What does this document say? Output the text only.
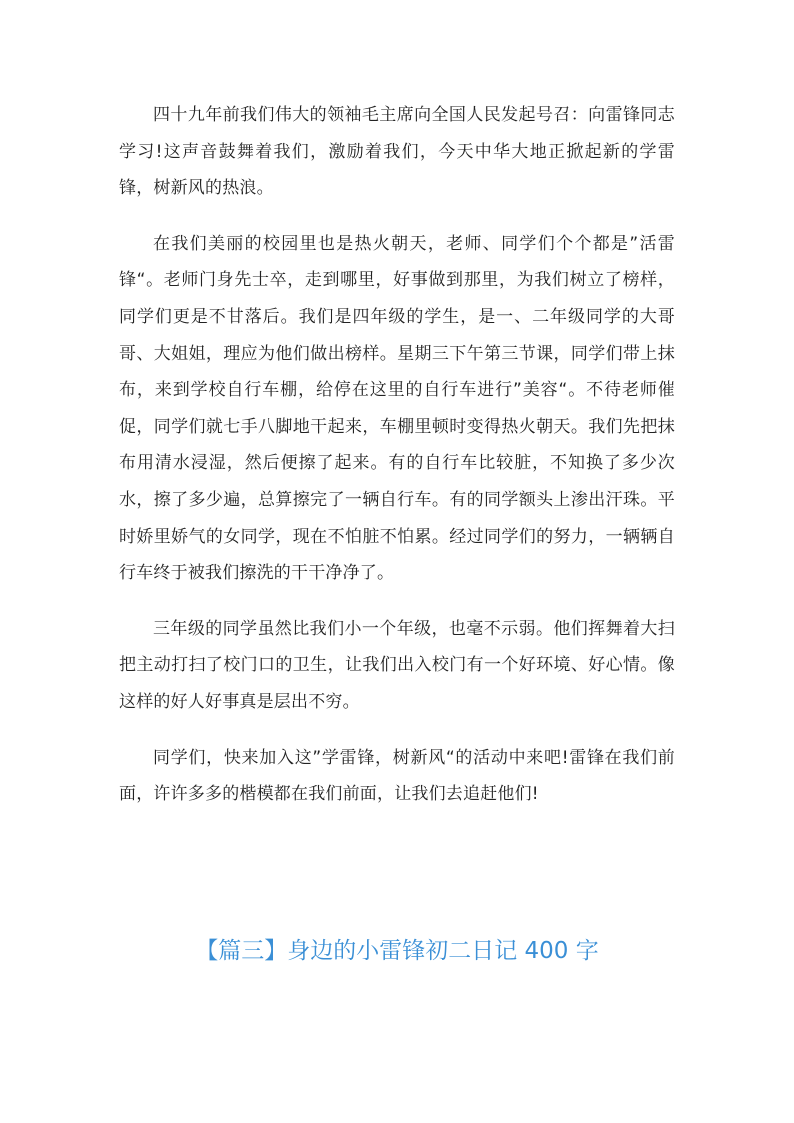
四十九年前我们伟大的领袖毛主席向全国人民发起号召：向雷锋同志学习!这声音鼓舞着我们，激励着我们，今天中华大地正掀起新的学雷锋，树新风的热浪。

在我们美丽的校园里也是热火朝天，老师、同学们个个都是”活雷锋“。老师门身先士卒，走到哪里，好事做到那里，为我们树立了榜样，同学们更是不甘落后。我们是四年级的学生，是一、二年级同学的大哥哥、大姐姐，理应为他们做出榜样。星期三下午第三节课，同学们带上抹布，来到学校自行车棚，给停在这里的自行车进行”美容“。不待老师催促，同学们就七手八脚地干起来，车棚里顿时变得热火朝天。我们先把抹布用清水浸湿，然后便擦了起来。有的自行车比较脏，不知换了多少次水，擦了多少遍，总算擦完了一辆自行车。有的同学额头上渗出汗珠。平时娇里娇气的女同学，现在不怕脏不怕累。经过同学们的努力，一辆辆自行车终于被我们擦洗的干干净净了。

三年级的同学虽然比我们小一个年级，也毫不示弱。他们挥舞着大扫把主动打扫了校门口的卫生，让我们出入校门有一个好环境、好心情。像这样的好人好事真是层出不穷。

同学们，快来加入这”学雷锋，树新风“的活动中来吧!雷锋在我们前面，许许多多的楷模都在我们前面，让我们去追赶他们!

【篇三】身边的小雷锋初二日记 400 字
